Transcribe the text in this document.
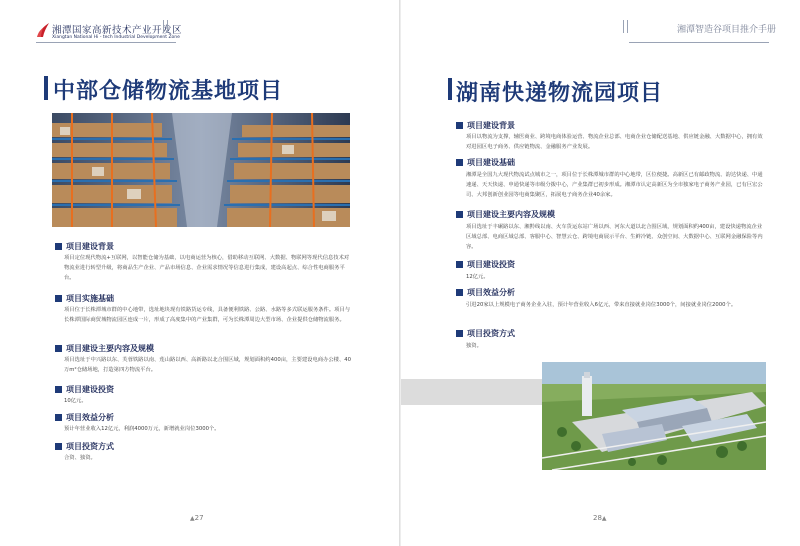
湘潭国家高新技术产业开发区
Xiangtan National Hi - tech Industrial Development Zone
中部仓储物流基地项目
项目建设背景
项目定位现代物流+互联网，以智能仓储为基础，以电商运营为核心，借助移动互联网、大数据、物联网等现代信息技术对物流业进行转型升级，将商品生产企业、产品市场信息、企业需求情况等信息进行集成，建设高起点、综合性电商服务平台。
项目实施基础
项目位于长株潭城市群的中心地带，选址地块现有铁路货运专线，具备便利铁路、公路、水路等多式联运服务条件。项目与长株潭国际商贸城物流园区连成一片，形成了高度集中的产业集群，可为长株潭周边大型市场、企业提供仓储物流服务。
项目建设主要内容及规模
项目选址于中兴路以东、芙蓉铁路以南、莲山路以西、高新路以北合围区域，规划面积约400亩，主要建设电商办公楼、40万m²仓储场地，打造第四方物流平台。
项目建设投资
10亿元。
项目效益分析
预计年营业收入12亿元，利润4000万元，新增就业岗位3000个。
项目投资方式
合资、独资。
▲27
湘潭智造谷项目推介手册
湖南快递物流园项目
项目建设背景
项目以物流为支撑，辅医商业、跨境电商体验运营、物流企业总部、电商企业仓储配送基地、供应链金融、大数据中心，拥有效对进园区电子商务、供应链物流、金融服务产业发展。
项目建设基础
湘潭是全国九大现代物流试点城市之一，项目位于长株潭城市群的中心地带，区位便捷。高新区已有邮政物流、韵达快递、中通速递、天天快递、申通快递等市级分拨中心，产业集群已初步形成。湘潭市认定高新区为全市独家电子商务产业园，已有巨宏公司、大邦创新创业园等电商集聚区，拓展电子商务企业40余家。
项目建设主要内容及规模
项目选址于丰碾路以东、湘黔线以南、火车货运东站广场以西、河东大道以北合围区域，规划面积约400亩，建设快递物流企业区域总部、电商区域总部、客服中心、智慧云仓、跨境电商展示平台、生鲜冷链、众创空间、大数据中心、互联网金融保险等内容。
项目建设投资
12亿元。
项目效益分析
引进20家以上规模电子商务企业入驻，预计年营业收入6亿元，带来直接就业岗位3000个，间接就业岗位2000个。
项目投资方式
独资。
28▲
